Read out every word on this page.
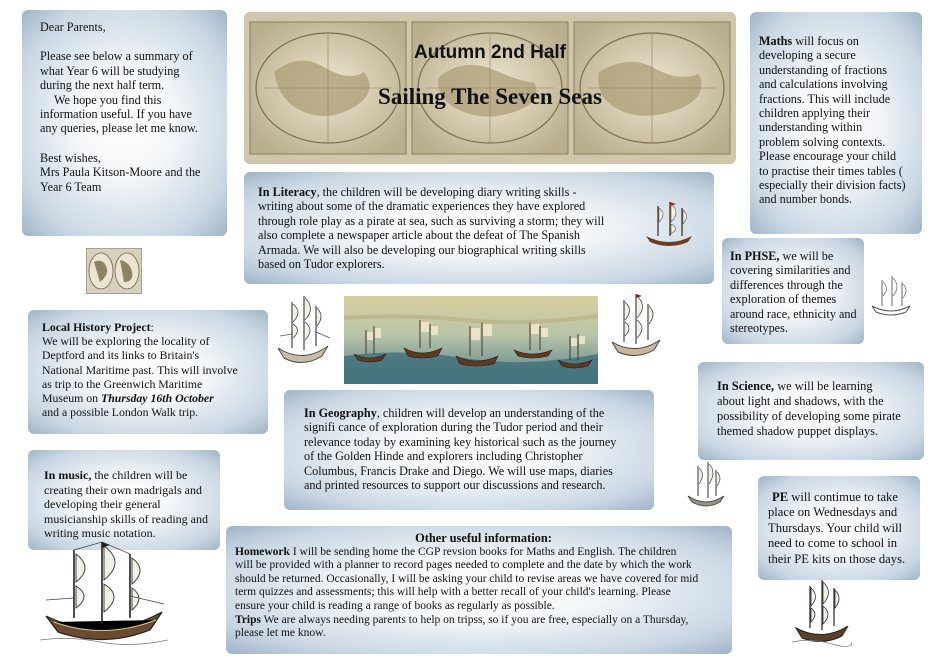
Dear Parents,

Please see below a summary of

what Year 6 will be studying

during the next half term.

We hope you find this

information useful. If you have

any queries, please let me know.

Best wishes,

Mrs Paula Kitson-Moore and the

Year 6 Team

Autumn 2nd Half
Sailing The Seven Seas

Maths will focus on

developing a secure

understanding of fractions

and calculations involving

fractions. This will include

children applying their

understanding within

problem solving contexts.

Please encourage your child

to practise their times tables (

especially their division facts)

and number bonds.

In Literacy, the children will be developing diary writing skills -

writing about some of the dramatic experiences they have explored

through role play as a pirate at sea, such as surviving a storm; they will

also complete a newspaper article about the defeat of The Spanish

Armada. We will also be developing our biographical writing skills

based on Tudor explorers.

In PHSE, we will be

covering similarities and

differences through the

exploration of themes

around race, ethnicity and

stereotypes.

Local History Project:

We will be exploring the locality of

Deptford and its links to Britain's

National Maritime past. This will involve

as trip to the Greenwich Maritime

Museum on Thursday 16th October

and a possible London Walk trip.

In Science, we will be learning

about light and shadows, with the

possibility of developing some pirate

themed shadow puppet displays.

In Geography, children will develop an understanding of the

signifi cance of exploration during the Tudor period and their

relevance today by examining key historical such as the journey

of the Golden Hinde and explorers including Christopher

Columbus, Francis Drake and Diego. We will use maps, diaries

and printed resources to support our discussions and research.

In music, the children will be

creating their own madrigals and

developing their general

musicianship skills of reading and

writing music notation.

PE will contimue to take

place on Wednesdays and

Thursdays. Your child will

need to come to school in

their PE kits on those days.

Other useful information:

Homework I will be sending home the CGP revsion books for Maths and English. The children

will be provided with a planner to record pages needed to complete and the date by which the work

should be returned. Occasionally, I will be asking your child to revise areas we have covered for mid

term quizzes and assessments; this will help with a better recall of your child's learning. Please

ensure your child is reading a range of books as regularly as possible.

Trips We are always needing parents to help on tripss, so if you are free, especially on a Thursday,

please let me know.
